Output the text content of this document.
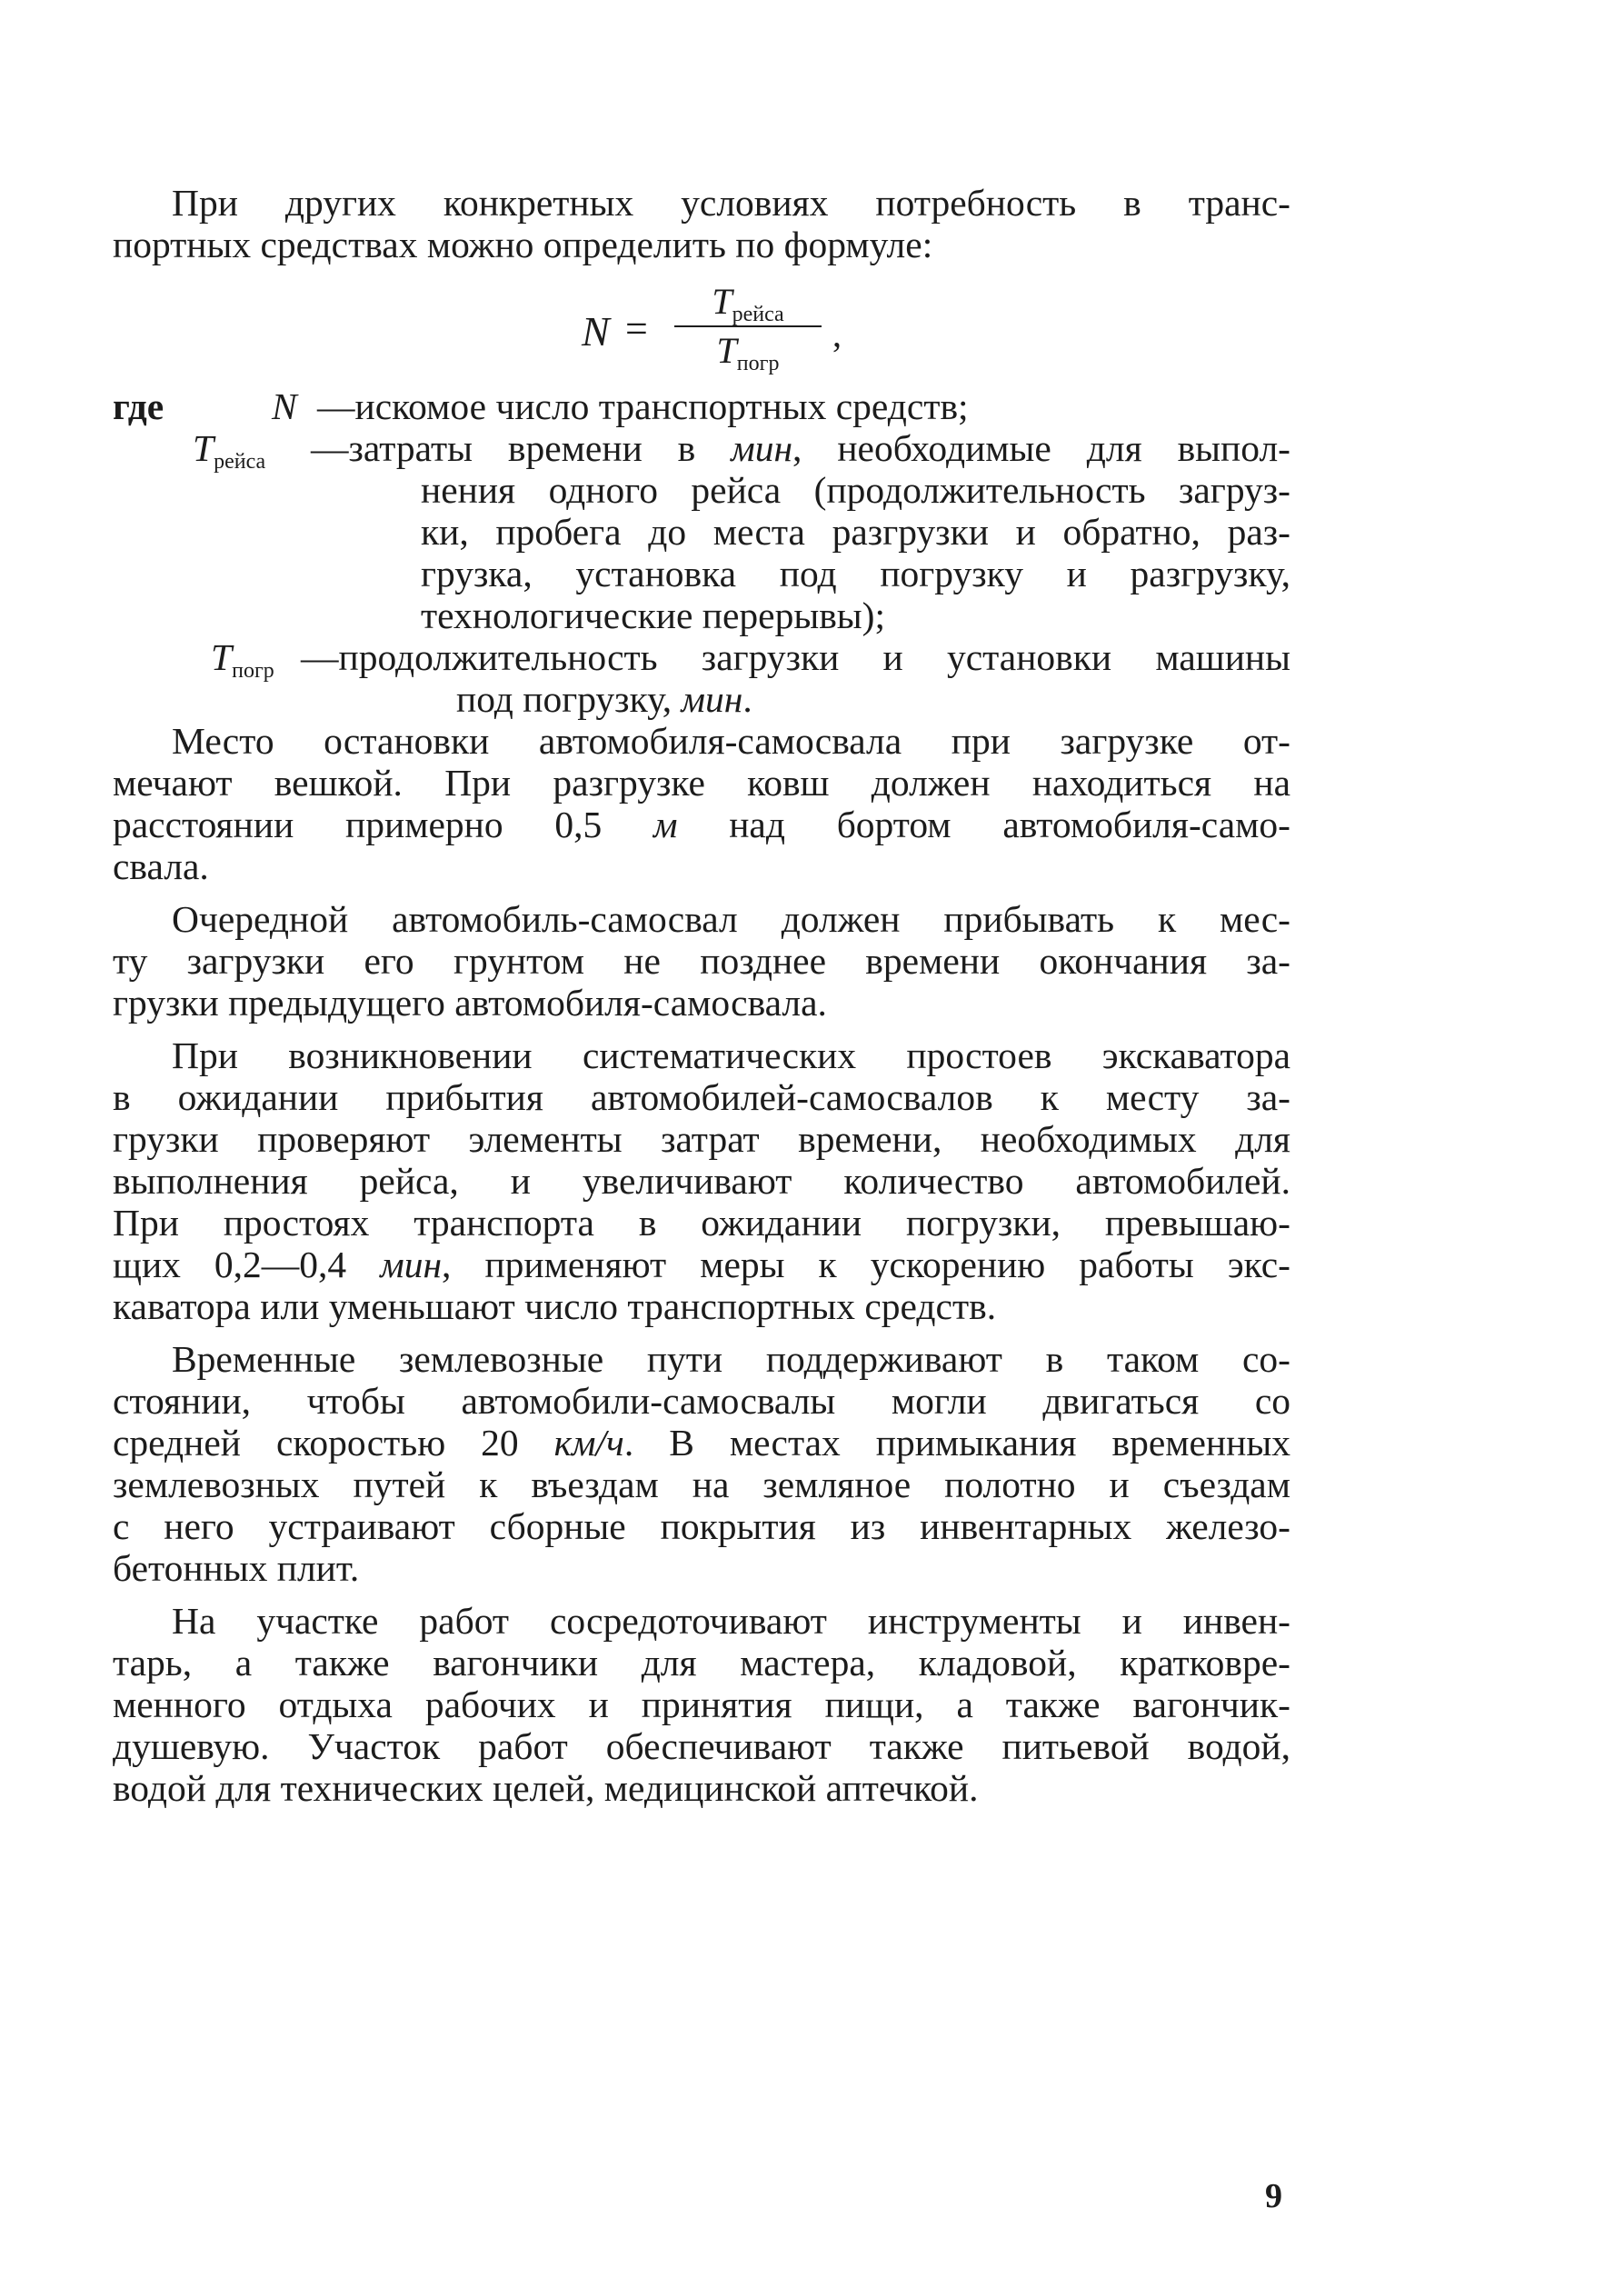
При других конкретных условиях потребность в транс-

портных средствах можно определить по формуле:

N =
$T_{рейса}$
$T_{погр}$
,
где	N —искомое число транспортных средств;

$T_{рейса}$ —затраты времени в мин, необходимые для выпол-

нения одного рейса (продолжительность загруз-

ки, пробега до места разгрузки и обратно, раз-

грузка, установка под погрузку и разгрузку,

технологические перерывы);

$T_{погр}$ —продолжительность загрузки и установки машины

под погрузку, мин.

Место остановки автомобиля-самосвала при загрузке от-

мечают вешкой. При разгрузке ковш должен находиться на

расстоянии примерно 0,5 м над бортом автомобиля-само-

свала.

Очередной автомобиль-самосвал должен прибывать к мес-

ту загрузки его грунтом не позднее времени окончания за-

грузки предыдущего автомобиля-самосвала.

При возникновении систематических простоев экскаватора

в ожидании прибытия автомобилей-самосвалов к месту за-

грузки проверяют элементы затрат времени, необходимых для

выполнения рейса, и увеличивают количество автомобилей.

При простоях транспорта в ожидании погрузки, превышаю-

щих 0,2—0,4 мин, применяют меры к ускорению работы экс-

каватора или уменьшают число транспортных средств.

Временные землевозные пути поддерживают в таком со-

стоянии, чтобы автомобили-самосвалы могли двигаться со

средней скоростью 20 км/ч. В местах примыкания временных

землевозных путей к въездам на земляное полотно и съездам

с него устраивают сборные покрытия из инвентарных железо-

бетонных плит.

На участке работ сосредоточивают инструменты и инвен-

тарь, а также вагончики для мастера, кладовой, кратковре-

менного отдыха рабочих и принятия пищи, а также вагончик-

душевую. Участок работ обеспечивают также питьевой водой,

водой для технических целей, медицинской аптечкой.

9
